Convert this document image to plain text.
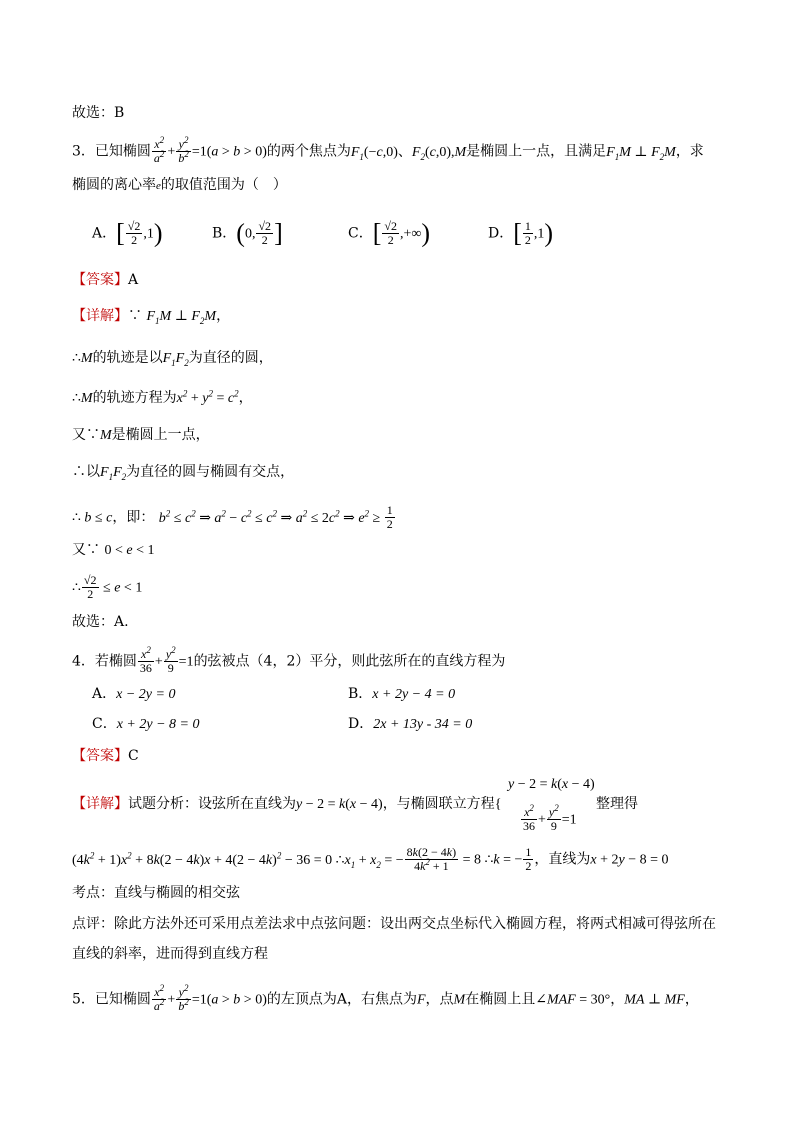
故选：B
3．已知椭圆 $\frac{x^2}{a^2} + \frac{y^2}{b^2} =1(a > b > 0)$的两个焦点为$F_1(-c,0)$、$F_2(c,0),M$是椭圆上一点，且满足$F_1M$ ⊥ $F_2M$，求
椭圆的离心率e的取值范围为（　）
A．[ $\frac{√2}{2} ,1$)	B．(0, $\frac{√2}{2}$ ]	C．[ $\frac{√2}{2}$ ,+∞)	D．[ $\frac{1}{2} ,1$)
【答案】A
【详解】∵ $F_1M$ ⊥ $F_2M$，
∴M的轨迹是以$F_1F_2$为直径的圆，
∴M的轨迹方程为$x^2 + y^2 = c^2$，
又∵M是椭圆上一点，
∴以$F_1F_2$为直径的圆与椭圆有交点，
∴ b ≤ c，即： $b^2 \le c^2$ ⇒ $a^2 - c^2 \le c^2$ ⇒ $a^2 \le 2c^2$ ⇒ $e^2 \ge \frac{1}{2}$
又∵ 0 < e < 1
∴ $\frac{√2}{2} \le e < 1$
故选：A.
4．若椭圆 $\frac{x^2}{36} + \frac{y^2}{9} =1$的弦被点（4，2）平分，则此弦所在的直线方程为
A．x − 2y = 0	B．x + 2y − 4 = 0
C．x + 2y − 8 = 0	D．2x + 13y - 34 = 0
【答案】C
y − 2 = k(x − 4)
【详解】试题分析：设弦所在直线为y − 2 = k(x − 4)，与椭圆联立方程{
$\frac{x^2}{36} + \frac{y^2}{9} =1$
整理得
$(4k^2 + 1)x^2 + 8k(2 - 4k)x + 4(2 - 4k)^2 - 36 = 0$ $\therefore x_1 + x_2$ = − $\frac{8k(2 - 4k)}{4k^2 + 1} = 8$ ∴k = − $\frac{1}{2}$ ，直线为x + 2y − 8 = 0
考点：直线与椭圆的相交弦
点评：除此方法外还可采用点差法求中点弦问题：设出两交点坐标代入椭圆方程，将两式相减可得弦所在
直线的斜率，进而得到直线方程
5．已知椭圆 $\frac{x^2}{a^2} + \frac{y^2}{b^2} =1(a > b > 0)$的左顶点为A，右焦点为F，点M在椭圆上且∠MAF = 30°，MA ⊥ MF，
